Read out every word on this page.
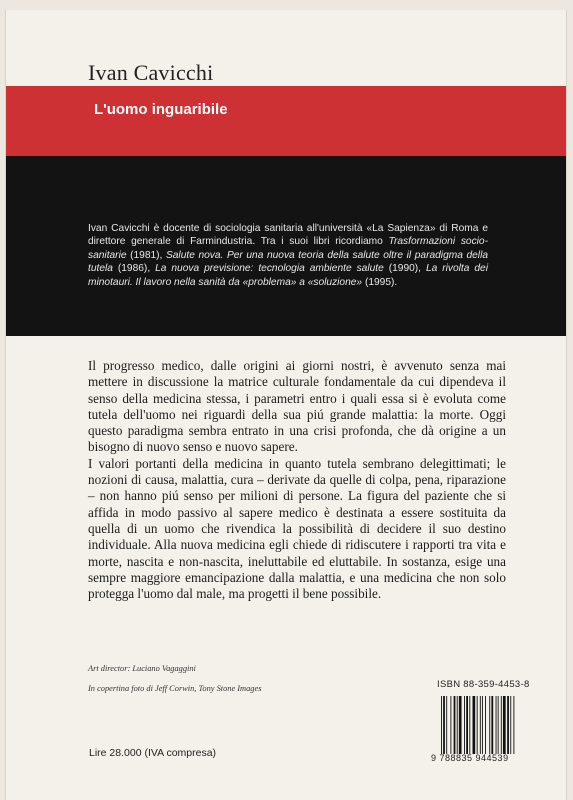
Ivan Cavicchi
L'uomo inguaribile
Ivan Cavicchi è docente di sociologia sanitaria all'università «La Sapienza» di Roma e direttore generale di Farmindustria. Tra i suoi libri ricordiamo Trasformazioni socio-sanitarie (1981), Salute nova. Per una nuova teoria della salute oltre il paradigma della tutela (1986), La nuova previsione: tecnologia ambiente salute (1990), La rivolta dei minotauri. Il lavoro nella sanità da «problema» a «soluzione» (1995).

Il progresso medico, dalle origini ai giorni nostri, è avvenuto senza mai mettere in discussione la matrice culturale fondamentale da cui dipendeva il senso della medicina stessa, i parametri entro i quali essa si è evoluta come tutela dell'uomo nei riguardi della sua piú grande malattia: la morte. Oggi questo paradigma sembra entrato in una crisi profonda, che dà origine a un bisogno di nuovo senso e nuovo sapere.

I valori portanti della medicina in quanto tutela sembrano delegittimati; le nozioni di causa, malattia, cura – derivate da quelle di colpa, pena, riparazione – non hanno piú senso per milioni di persone. La figura del paziente che si affida in modo passivo al sapere medico è destinata a essere sostituita da quella di un uomo che rivendica la possibilità di decidere il suo destino individuale. Alla nuova medicina egli chiede di ridiscutere i rapporti tra vita e morte, nascita e non-nascita, ineluttabile ed eluttabile. In sostanza, esige una sempre maggiore emancipazione dalla malattia, e una medicina che non solo protegga l'uomo dal male, ma progetti il bene possibile.

Art director: Luciano Vagaggini
In copertina foto di Jeff Corwin, Tony Stone Images	ISBN 88-359-4453-8
9 788835 944539
Lire 28.000 (IVA compresa)
